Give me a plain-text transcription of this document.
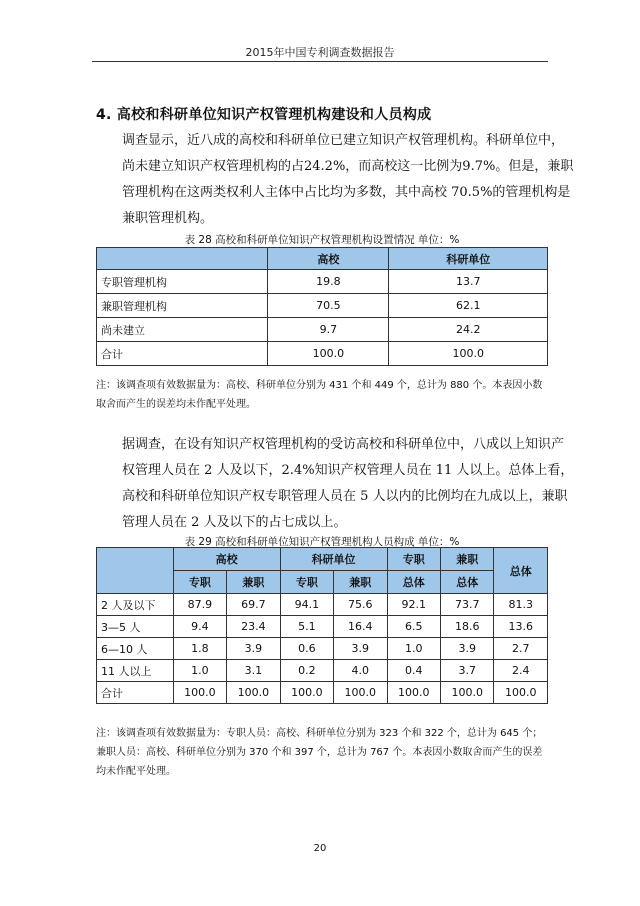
2015年中国专利调查数据报告
4. 高校和科研单位知识产权管理机构建设和人员构成
调查显示，近八成的高校和科研单位已建立知识产权管理机构。科研单位中，尚未建立知识产权管理机构的占24.2%，而高校这一比例为9.7%。但是，兼职管理机构在这两类权利人主体中占比均为多数，其中高校 70.5%的管理机构是兼职管理机构。
表 28 高校和科研单位知识产权管理机构设置情况 单位：%
	高校	科研单位
专职管理机构	19.8	13.7
兼职管理机构	70.5	62.1
尚未建立	9.7	24.2
合计	100.0	100.0
注：该调查项有效数据量为：高校、科研单位分别为 431 个和 449 个，总计为 880 个。本表因小数取舍而产生的误差均未作配平处理。
据调查，在设有知识产权管理机构的受访高校和科研单位中，八成以上知识产权管理人员在 2 人及以下，2.4%知识产权管理人员在 11 人以上。总体上看，高校和科研单位知识产权专职管理人员在 5 人以内的比例均在九成以上，兼职管理人员在 2 人及以下的占七成以上。
表 29 高校和科研单位知识产权管理机构人员构成 单位：%
	高校		科研单位		专职	兼职	总体
	专职	兼职	专职	兼职	总体	总体	
2 人及以下	87.9	69.7	94.1	75.6	92.1	73.7	81.3
3—5 人	9.4	23.4	5.1	16.4	6.5	18.6	13.6
6—10 人	1.8	3.9	0.6	3.9	1.0	3.9	2.7
11 人以上	1.0	3.1	0.2	4.0	0.4	3.7	2.4
合计	100.0	100.0	100.0	100.0	100.0	100.0	100.0
注：该调查项有效数据量为：专职人员：高校、科研单位分别为 323 个和 322 个，总计为 645 个；兼职人员：高校、科研单位分别为 370 个和 397 个，总计为 767 个。本表因小数取舍而产生的误差均未作配平处理。
20
